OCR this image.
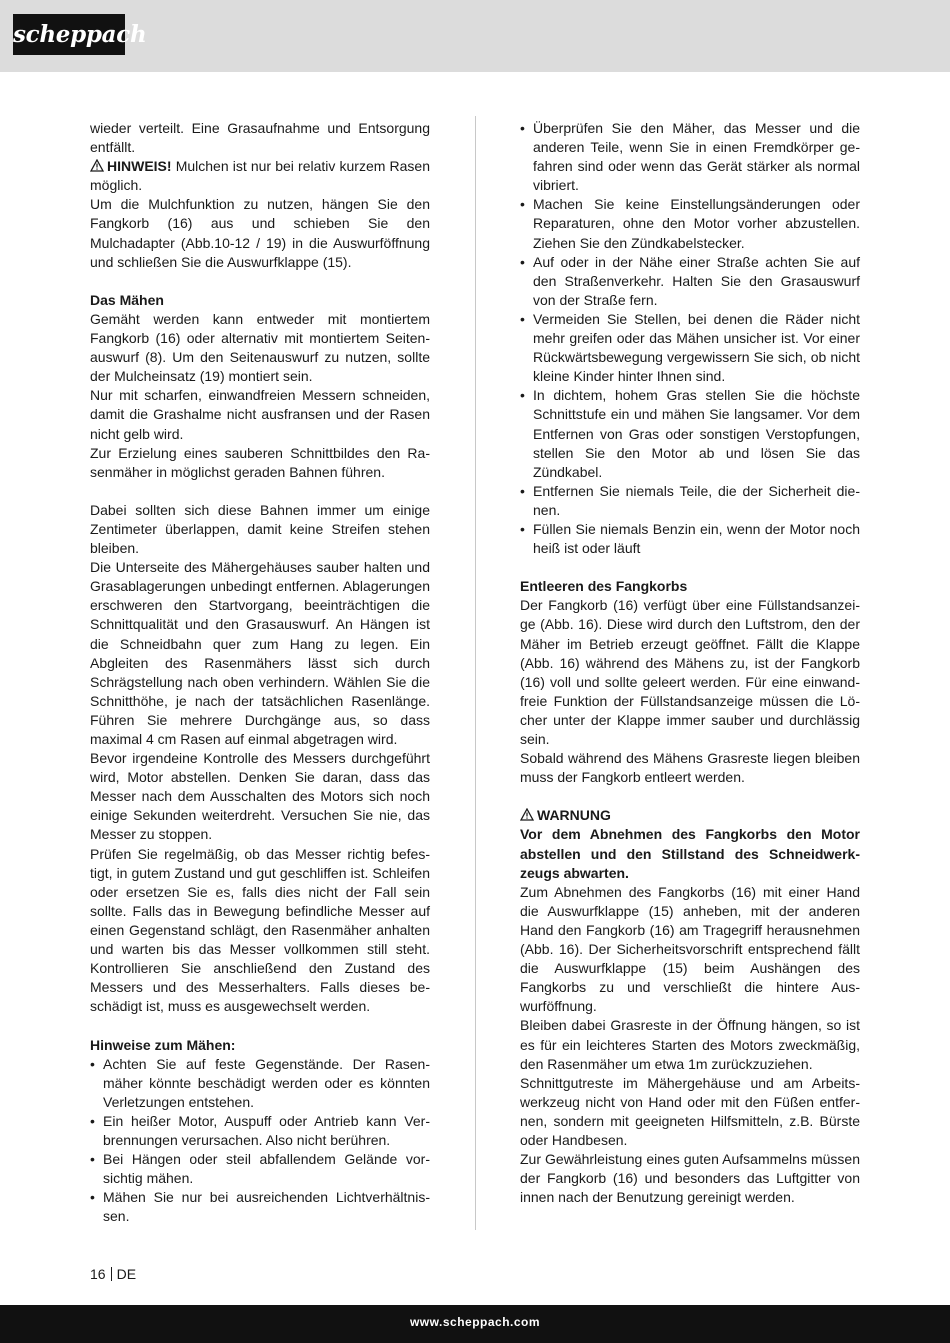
scheppach

wieder verteilt. Eine Grasaufnahme und Entsorgung entfällt.

HINWEIS! Mulchen ist nur bei relativ kurzem Rasen möglich.

Um die Mulchfunktion zu nutzen, hängen Sie den Fangkorb (16) aus und schieben Sie den Mulchadapter (Abb.10-12 / 19) in die Auswurföffnung und schließen Sie die Auswurfklappe (15).

Das Mähen

Gemäht werden kann entweder mit montiertem Fangkorb (16) oder alternativ mit montiertem Seitenauswurf (8). Um den Seitenauswurf zu nutzen, sollte der Mulcheinsatz (19) montiert sein.

Nur mit scharfen, einwandfreien Messern schneiden, damit die Grashalme nicht ausfransen und der Rasen nicht gelb wird.

Zur Erzielung eines sauberen Schnittbildes den Rasenmäher in möglichst geraden Bahnen führen.

Dabei sollten sich diese Bahnen immer um einige Zentimeter überlappen, damit keine Streifen stehen bleiben.

Die Unterseite des Mähergehäuses sauber halten und Grasablagerungen unbedingt entfernen. Ablagerungen erschweren den Startvorgang, beeinträchtigen die Schnittqualität und den Grasauswurf. An Hängen ist die Schneidbahn quer zum Hang zu legen. Ein Abgleiten des Rasenmähers lässt sich durch Schrägstellung nach oben verhindern. Wählen Sie die Schnitthöhe, je nach der tatsächlichen Rasenlänge. Führen Sie mehrere Durchgänge aus, so dass maximal 4 cm Rasen auf einmal abgetragen wird.

Bevor irgendeine Kontrolle des Messers durchgeführt wird, Motor abstellen. Denken Sie daran, dass das Messer nach dem Ausschalten des Motors sich noch einige Sekunden weiterdreht. Versuchen Sie nie, das Messer zu stoppen.

Prüfen Sie regelmäßig, ob das Messer richtig befestigt, in gutem Zustand und gut geschliffen ist. Schleifen oder ersetzen Sie es, falls dies nicht der Fall sein sollte. Falls das in Bewegung befindliche Messer auf einen Gegenstand schlägt, den Rasenmäher anhalten und warten bis das Messer vollkommen still steht. Kontrollieren Sie anschließend den Zustand des Messers und des Messerhalters. Falls dieses beschädigt ist, muss es ausgewechselt werden.

Hinweise zum Mähen:
• Achten Sie auf feste Gegenstände. Der Rasenmäher könnte beschädigt werden oder es könnten Verletzungen entstehen.
• Ein heißer Motor, Auspuff oder Antrieb kann Verbrennungen verursachen. Also nicht berühren.
• Bei Hängen oder steil abfallendem Gelände vorsichtig mähen.
• Mähen Sie nur bei ausreichenden Lichtverhältnissen.
• Überprüfen Sie den Mäher, das Messer und die anderen Teile, wenn Sie in einen Fremdkörper gefahren sind oder wenn das Gerät stärker als normal vibriert.
• Machen Sie keine Einstellungsänderungen oder Reparaturen, ohne den Motor vorher abzustellen. Ziehen Sie den Zündkabelstecker.
• Auf oder in der Nähe einer Straße achten Sie auf den Straßenverkehr. Halten Sie den Grasauswurf von der Straße fern.
• Vermeiden Sie Stellen, bei denen die Räder nicht mehr greifen oder das Mähen unsicher ist. Vor einer Rückwärtsbewegung vergewissern Sie sich, ob nicht kleine Kinder hinter Ihnen sind.
• In dichtem, hohem Gras stellen Sie die höchste Schnittstufe ein und mähen Sie langsamer. Vor dem Entfernen von Gras oder sonstigen Verstopfungen, stellen Sie den Motor ab und lösen Sie das Zündkabel.
• Entfernen Sie niemals Teile, die der Sicherheit dienen.
• Füllen Sie niemals Benzin ein, wenn der Motor noch heiß ist oder läuft
Entleeren des Fangkorbs

Der Fangkorb (16) verfügt über eine Füllstandsanzeige (Abb. 16). Diese wird durch den Luftstrom, den der Mäher im Betrieb erzeugt geöffnet. Fällt die Klappe (Abb. 16) während des Mähens zu, ist der Fangkorb (16) voll und sollte geleert werden. Für eine einwandfreie Funktion der Füllstandsanzeige müssen die Löcher unter der Klappe immer sauber und durchlässig sein.

Sobald während des Mähens Grasreste liegen bleiben muss der Fangkorb entleert werden.

WARNUNG

Vor dem Abnehmen des Fangkorbs den Motor abstellen und den Stillstand des Schneidwerkzeugs abwarten.

Zum Abnehmen des Fangkorbs (16) mit einer Hand die Auswurfklappe (15) anheben, mit der anderen Hand den Fangkorb (16) am Tragegriff herausnehmen (Abb. 16). Der Sicherheitsvorschrift entsprechend fällt die Auswurfklappe (15) beim Aushängen des Fangkorbs zu und verschließt die hintere Auswurföffnung.

Bleiben dabei Grasreste in der Öffnung hängen, so ist es für ein leichteres Starten des Motors zweckmäßig, den Rasenmäher um etwa 1m zurückzuziehen.

Schnittgutreste im Mähergehäuse und am Arbeitswerkzeug nicht von Hand oder mit den Füßen entfernen, sondern mit geeigneten Hilfsmitteln, z.B. Bürste oder Handbesen.

Zur Gewährleistung eines guten Aufsammelns müssen der Fangkorb (16) und besonders das Luftgitter von innen nach der Benutzung gereinigt werden.

16 DE
www.scheppach.com
